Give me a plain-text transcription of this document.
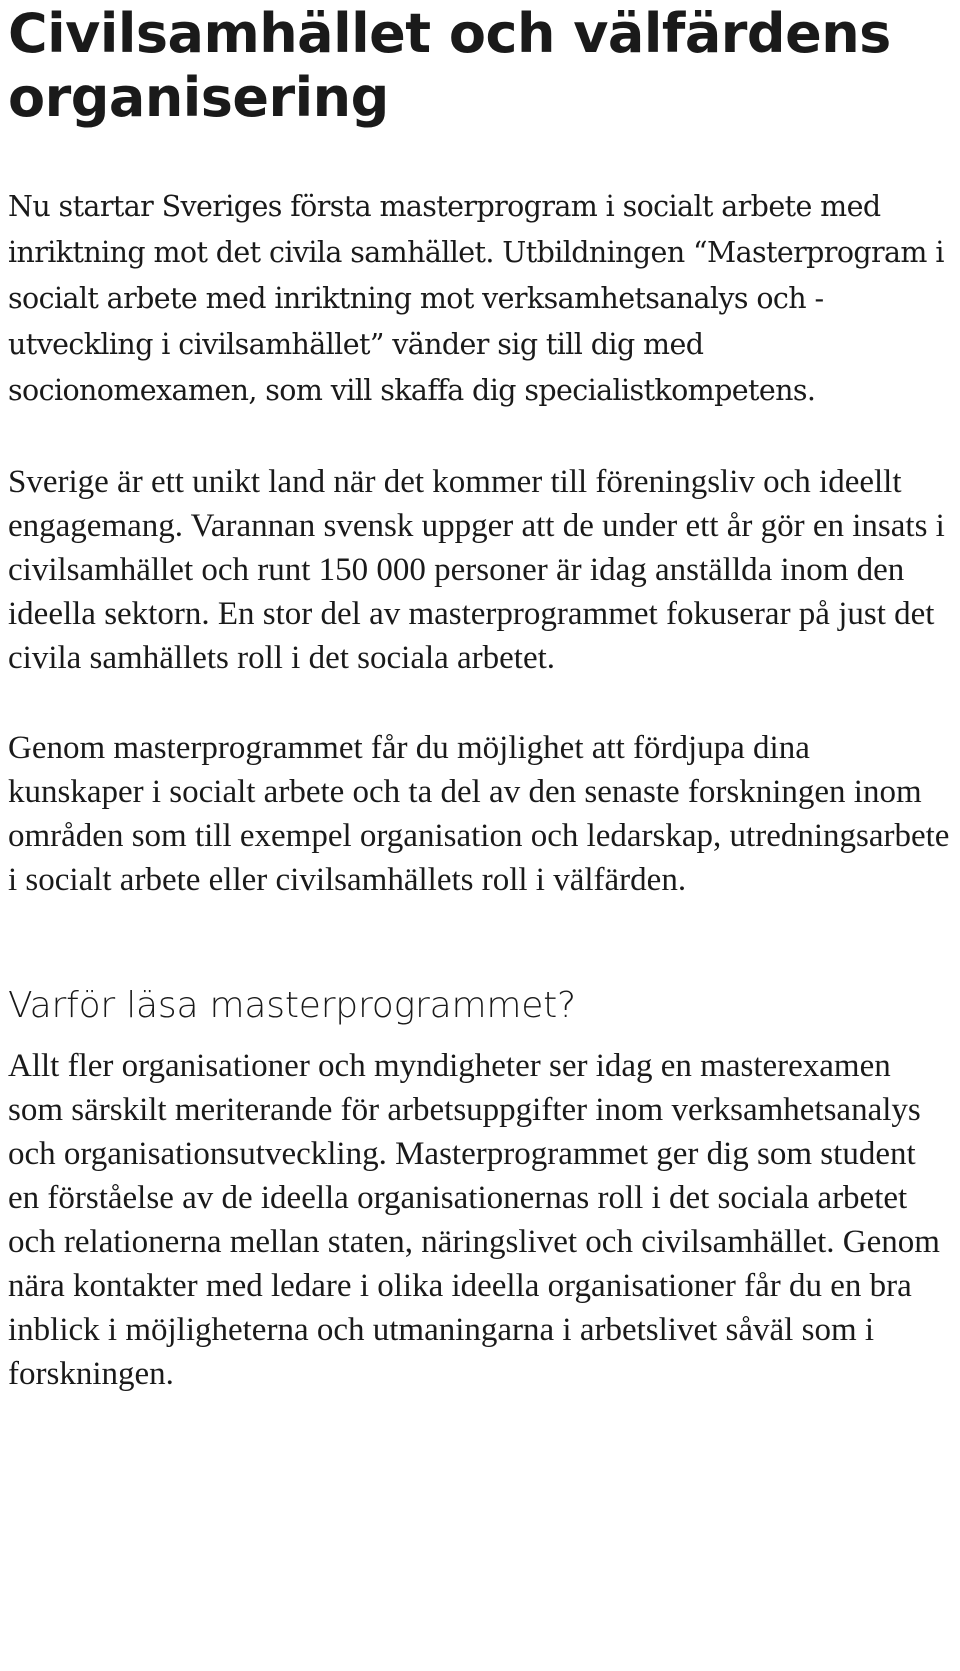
Civilsamhället och välfärdens organisering

Nu startar Sveriges första masterprogram i socialt arbete med inriktning mot det civila samhället. Utbildningen “Masterprogram i socialt arbete med inriktning mot verksamhetsanalys och -utveckling i civilsamhället” vänder sig till dig med socionomexamen, som vill skaffa dig specialistkompetens.

Sverige är ett unikt land när det kommer till föreningsliv och ideellt engagemang. Varannan svensk uppger att de under ett år gör en insats i civilsamhället och runt 150 000 personer är idag anställda inom den ideella sektorn. En stor del av masterprogrammet fokuserar på just det civila samhällets roll i det sociala arbetet.

Genom masterprogrammet får du möjlighet att fördjupa dina kunskaper i socialt arbete och ta del av den senaste forskningen inom områden som till exempel organisation och ledarskap, utredningsarbete i socialt arbete eller civilsamhällets roll i välfärden.

Varför läsa masterprogrammet?

Allt fler organisationer och myndigheter ser idag en masterexamen som särskilt meriterande för arbetsuppgifter inom verksamhetsanalys och organisationsutveckling. Masterprogrammet ger dig som student en förståelse av de ideella organisationernas roll i det sociala arbetet och relationerna mellan staten, näringslivet och civilsamhället. Genom nära kontakter med ledare i olika ideella organisationer får du en bra inblick i möjligheterna och utmaningarna i arbetslivet såväl som i forskningen.
